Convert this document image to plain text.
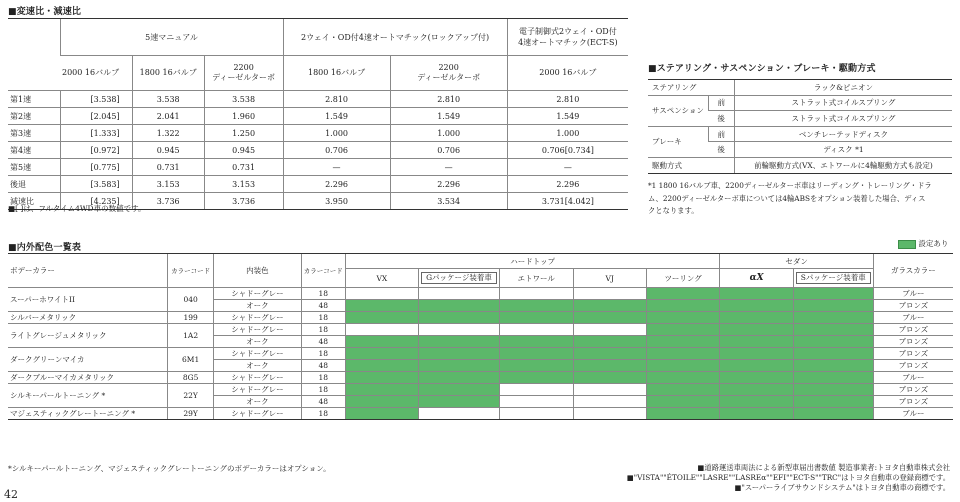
■変速比・減速比
	5速マニュアル			2ウェイ・OD付4速オートマチック(ロックアップ付)		電子制御式2ウェイ・OD付
4速オートマチック(ECT-S)
	2000 16バルブ	1800 16バルブ	2200
ディーゼルターボ	1800 16バルブ	2200
ディーゼルターボ	2000 16バルブ
第1速	[3.538]	3.538	3.538	2.810	2.810	2.810
第2速	[2.045]	2.041	1.960	1.549	1.549	1.549
第3速	[1.333]	1.322	1.250	1.000	1.000	1.000
第4速	[0.972]	0.945	0.945	0.706	0.706	0.706[0.734]
第5速	[0.775]	0.731	0.731	—	—	—
後退	[3.583]	3.153	3.153	2.296	2.296	2.296
減速比	[4.235]	3.736	3.736	3.950	3.534	3.731[4.042]
■[ ]は、フルタイム4WD車の数値です。
■ステアリング・サスペンション・ブレーキ・駆動方式
ステアリング		ラック&ピニオン
サスペンション	前	ストラット式コイルスプリング
	後	ストラット式コイルスプリング
ブレーキ	前	ベンチレーテッドディスク
	後	ディスク *1
駆動方式		前輪駆動方式(VX、エトワールに4輪駆動方式も設定)
*1 1800 16バルブ車、2200ディーゼルターボ車はリーディング・トレーリング・ドラ
ム、2200ディーゼルターボ車については4輪ABSをオプション装着した場合、ディス
クとなります。
■内外配色一覧表	設定あり
ボデーカラー	カラーコード	内装色	カラーコード	ハードトップ					セダン		ガラスカラー
				VX	Gパッケージ装着車	エトワール	VJ	ツーリング	αX	Sパッケージ装着車	
スーパーホワイトII	040	シャドーグレー	18								ブルー
		オーク	48								ブロンズ
シルバーメタリック	199	シャドーグレー	18								ブルー
ライトグレージュメタリック	1A2	シャドーグレー	18								ブロンズ
		オーク	48								ブロンズ
ダークグリーンマイカ	6M1	シャドーグレー	18								ブロンズ
		オーク	48								ブロンズ
ダークブルーマイカメタリック	8G5	シャドーグレー	18								ブルー
シルキーパールトーニング *	22Y	シャドーグレー	18								ブロンズ
		オーク	48								ブロンズ
マジェスティックグレートーニング *	29Y	シャドーグレー	18								ブルー
*シルキーパールトーニング、マジェスティックグレートーニングのボデーカラーはオプション。	■道路運送車両法による新型車届出書数値 製造事業者:トヨタ自動車株式会社
■"VISTA""ÉTOILE""LASRE""LASREα""EFI""ECT-S""TRC"はトヨタ自動車の登録商標です。
■"スーパーライブサウンドシステム"はトヨタ自動車の商標です。
42
